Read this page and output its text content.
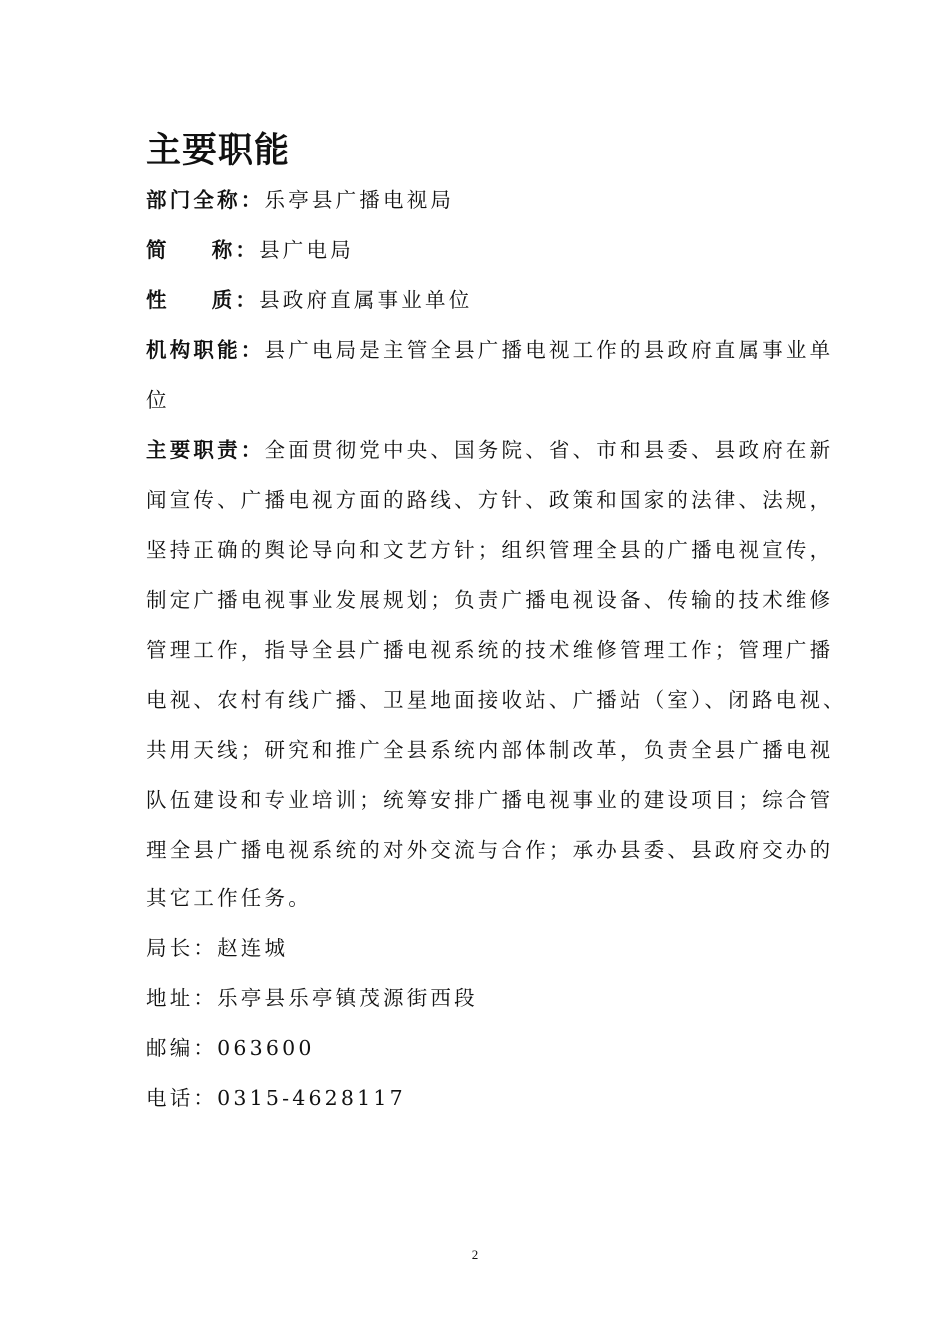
主要职能
部门全称：乐亭县广播电视局
简 称：县广电局
性 质：县政府直属事业单位
机构职能：县广电局是主管全县广播电视工作的县政府直属事业单
位
主要职责：全面贯彻党中央、国务院、省、市和县委、县政府在新
闻宣传、广播电视方面的路线、方针、政策和国家的法律、法规，
坚持正确的舆论导向和文艺方针；组织管理全县的广播电视宣传，
制定广播电视事业发展规划；负责广播电视设备、传输的技术维修
管理工作，指导全县广播电视系统的技术维修管理工作；管理广播
电视、农村有线广播、卫星地面接收站、广播站（室）、闭路电视、
共用天线；研究和推广全县系统内部体制改革，负责全县广播电视
队伍建设和专业培训；统筹安排广播电视事业的建设项目；综合管
理全县广播电视系统的对外交流与合作；承办县委、县政府交办的
其它工作任务。
局长：赵连城
地址：乐亭县乐亭镇茂源街西段
邮编：063600
电话：0315-4628117
2
